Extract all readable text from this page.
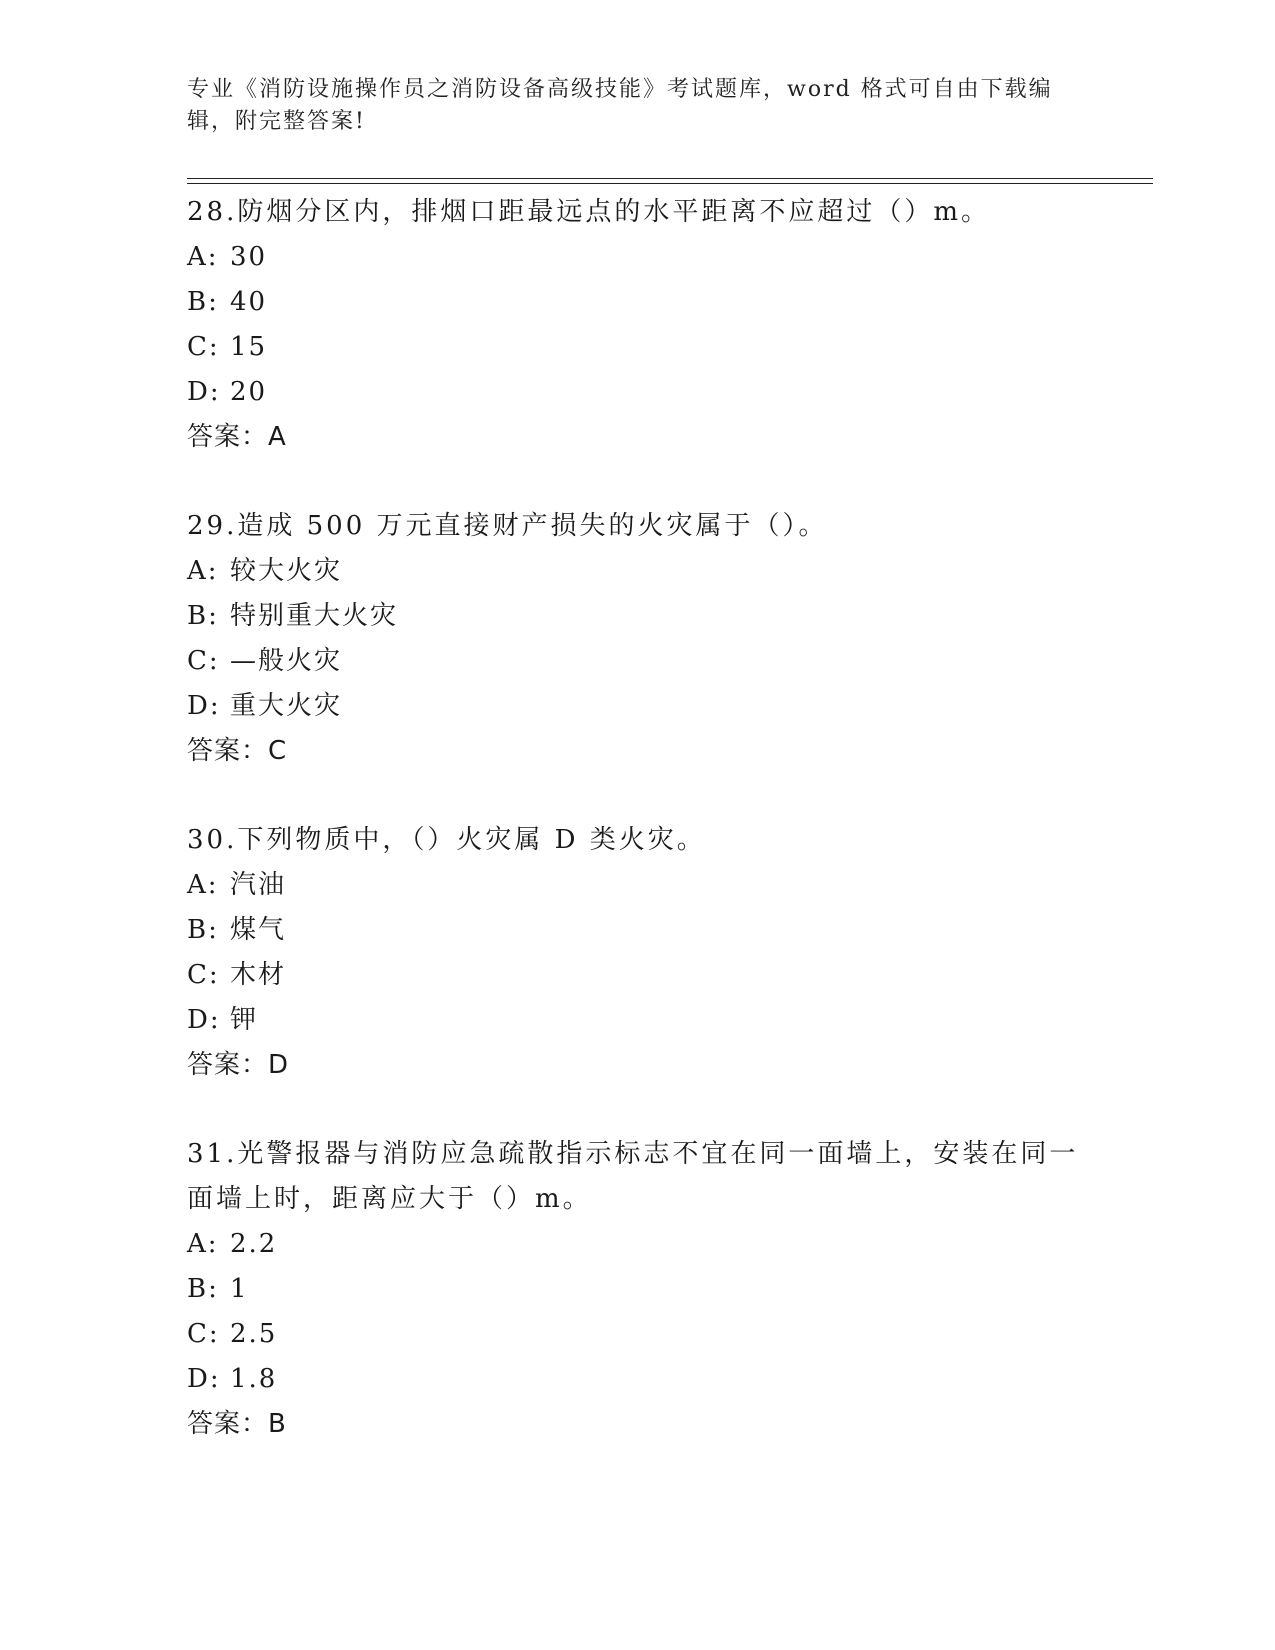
专业《消防设施操作员之消防设备高级技能》考试题库，word 格式可自由下载编辑，附完整答案!

28.防烟分区内，排烟口距最远点的水平距离不应超过（）m。

A: 30

B: 40

C: 15

D: 20

答案：A

29.造成 500 万元直接财产损失的火灾属于（）。

A: 较大火灾

B: 特别重大火灾

C: —般火灾

D: 重大火灾

答案：C

30.下列物质中，（）火灾属 D 类火灾。

A: 汽油

B: 煤气

C: 木材

D: 钾

答案：D

31.光警报器与消防应急疏散指示标志不宜在同一面墙上，安装在同一面墙上时，距离应大于（）m。

A: 2.2

B: 1

C: 2.5

D: 1.8

答案：B
